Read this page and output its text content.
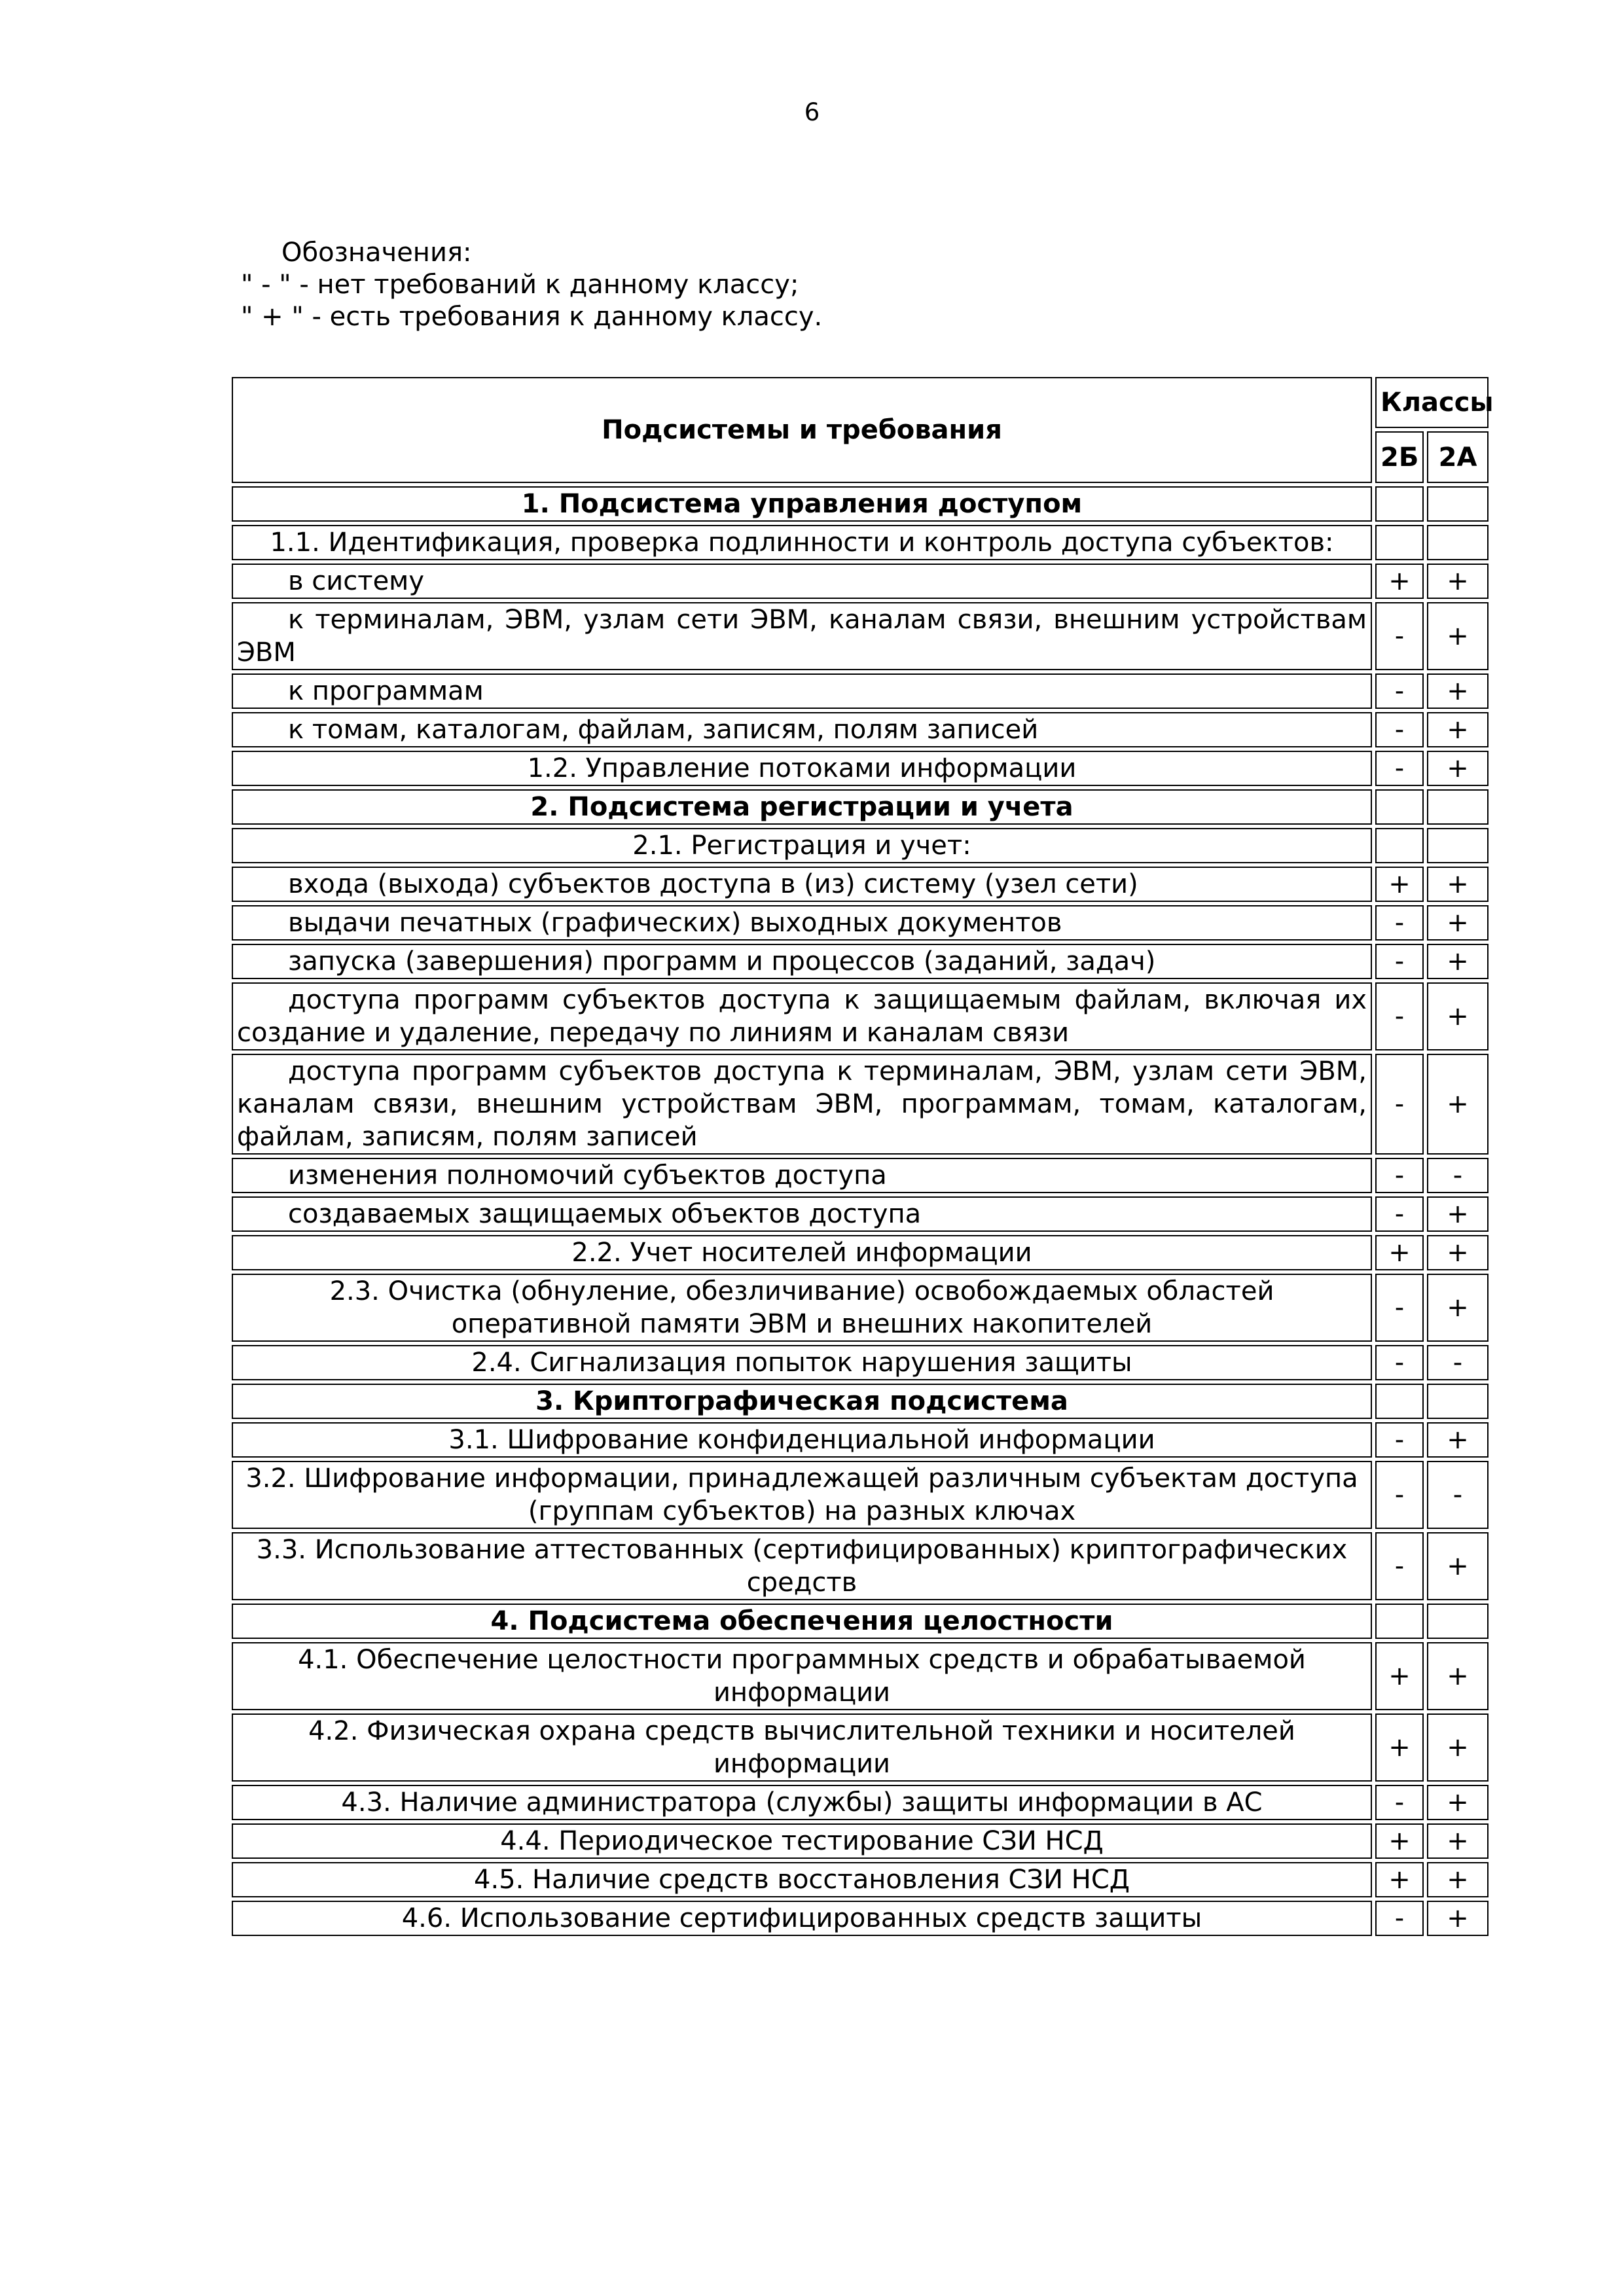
6
Обозначения:
" - " - нет требований к данному классу;
" + " - есть требования к данному классу.
Подсистемы и требования	Классы	
	2Б	2А
1. Подсистема управления доступом		
1.1. Идентификация, проверка подлинности и контроль доступа субъектов:		
в систему	+	+
к терминалам, ЭВМ, узлам сети ЭВМ, каналам связи, внешним устройствам ЭВМ	-	+
к программам	-	+
к томам, каталогам, файлам, записям, полям записей	-	+
1.2. Управление потоками информации	-	+
2. Подсистема регистрации и учета		
2.1. Регистрация и учет:		
входа (выхода) субъектов доступа в (из) систему (узел сети)	+	+
выдачи печатных (графических) выходных документов	-	+
запуска (завершения) программ и процессов (заданий, задач)	-	+
доступа программ субъектов доступа к защищаемым файлам, включая их создание и удаление, передачу по линиям и каналам связи	-	+
доступа программ субъектов доступа к терминалам, ЭВМ, узлам сети ЭВМ, каналам связи, внешним устройствам ЭВМ, программам, томам, каталогам, файлам, записям, полям записей	-	+
изменения полномочий субъектов доступа	-	-
создаваемых защищаемых объектов доступа	-	+
2.2. Учет носителей информации	+	+
2.3. Очистка (обнуление, обезличивание) освобождаемых областей оперативной памяти ЭВМ и внешних накопителей	-	+
2.4. Сигнализация попыток нарушения защиты	-	-
3. Криптографическая подсистема		
3.1. Шифрование конфиденциальной информации	-	+
3.2. Шифрование информации, принадлежащей различным субъектам доступа (группам субъектов) на разных ключах	-	-
3.3. Использование аттестованных (сертифицированных) криптографических средств	-	+
4. Подсистема обеспечения целостности		
4.1. Обеспечение целостности программных средств и обрабатываемой информации	+	+
4.2. Физическая охрана средств вычислительной техники и носителей информации	+	+
4.3. Наличие администратора (службы) защиты информации в АС	-	+
4.4. Периодическое тестирование СЗИ НСД	+	+
4.5. Наличие средств восстановления СЗИ НСД	+	+
4.6. Использование сертифицированных средств защиты	-	+
